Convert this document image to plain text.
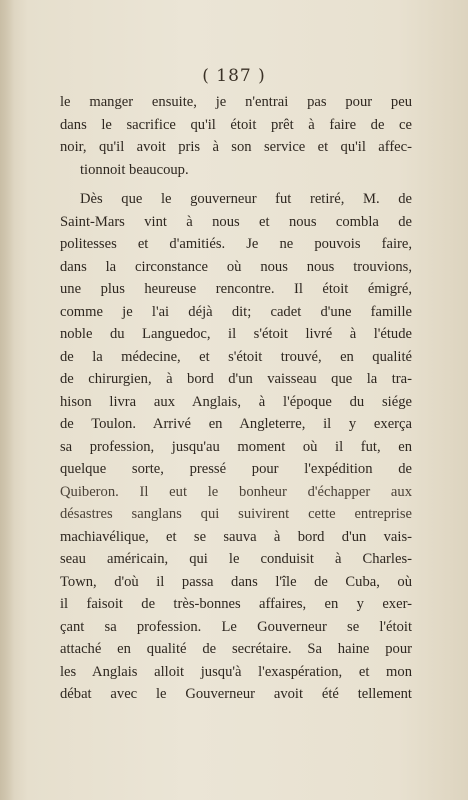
( 187 )

le manger ensuite, je n'entrai pas pour peu
dans le sacrifice qu'il étoit prêt à faire de ce
noir, qu'il avoit pris à son service et qu'il affec-
tionnoit beaucoup.

Dès que le gouverneur fut retiré, M. de
Saint-Mars vint à nous et nous combla de
politesses et d'amitiés. Je ne pouvois faire,
dans la circonstance où nous nous trouvions,
une plus heureuse rencontre. Il étoit émigré,
comme je l'ai déjà dit; cadet d'une famille
noble du Languedoc, il s'étoit livré à l'étude
de la médecine, et s'étoit trouvé, en qualité
de chirurgien, à bord d'un vaisseau que la tra-
hison livra aux Anglais, à l'époque du siége
de Toulon. Arrivé en Angleterre, il y exerça
sa profession, jusqu'au moment où il fut, en
quelque sorte, pressé pour l'expédition de
Quiberon. Il eut le bonheur d'échapper aux
désastres sanglans qui suivirent cette entreprise
machiavélique, et se sauva à bord d'un vais-
seau américain, qui le conduisit à Charles-
Town, d'où il passa dans l'île de Cuba, où
il faisoit de très-bonnes affaires, en y exer-
çant sa profession. Le Gouverneur se l'étoit
attaché en qualité de secrétaire. Sa haine pour
les Anglais alloit jusqu'à l'exaspération, et mon
débat avec le Gouverneur avoit été tellement
